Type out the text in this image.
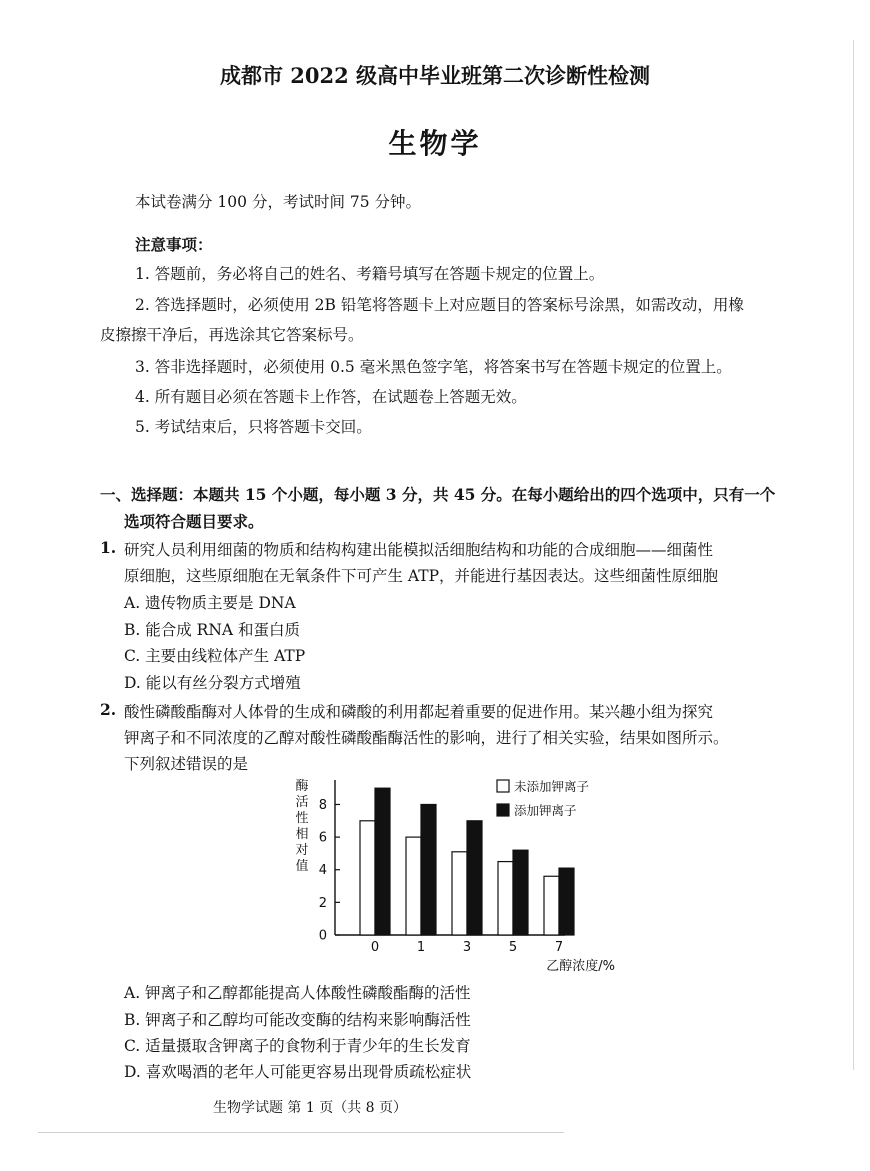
成都市 2022 级高中毕业班第二次诊断性检测
生物学
本试卷满分 100 分，考试时间 75 分钟。
注意事项：
1. 答题前，务必将自己的姓名、考籍号填写在答题卡规定的位置上。
2. 答选择题时，必须使用 2B 铅笔将答题卡上对应题目的答案标号涂黑，如需改动，用橡
皮擦擦干净后，再选涂其它答案标号。
3. 答非选择题时，必须使用 0.5 毫米黑色签字笔，将答案书写在答题卡规定的位置上。
4. 所有题目必须在答题卡上作答，在试题卷上答题无效。
5. 考试结束后，只将答题卡交回。
一、选择题：本题共 15 个小题，每小题 3 分，共 45 分。在每小题给出的四个选项中，只有一个
选项符合题目要求。
1. 研究人员利用细菌的物质和结构构建出能模拟活细胞结构和功能的合成细胞——细菌性
原细胞，这些原细胞在无氧条件下可产生 ATP，并能进行基因表达。这些细菌性原细胞
A. 遗传物质主要是 DNA
B. 能合成 RNA 和蛋白质
C. 主要由线粒体产生 ATP
D. 能以有丝分裂方式增殖
2. 酸性磷酸酯酶对人体骨的生成和磷酸的利用都起着重要的促进作用。某兴趣小组为探究
钾离子和不同浓度的乙醇对酸性磷酸酯酶活性的影响，进行了相关实验，结果如图所示。
下列叙述错误的是
酶
活
性
相
对
值
0
2
4
6
8
0	1	3	5	7
乙醇浓度/%
未添加钾离子
添加钾离子
A. 钾离子和乙醇都能提高人体酸性磷酸酯酶的活性
B. 钾离子和乙醇均可能改变酶的结构来影响酶活性
C. 适量摄取含钾离子的食物利于青少年的生长发育
D. 喜欢喝酒的老年人可能更容易出现骨质疏松症状
生物学试题 第 1 页（共 8 页）
